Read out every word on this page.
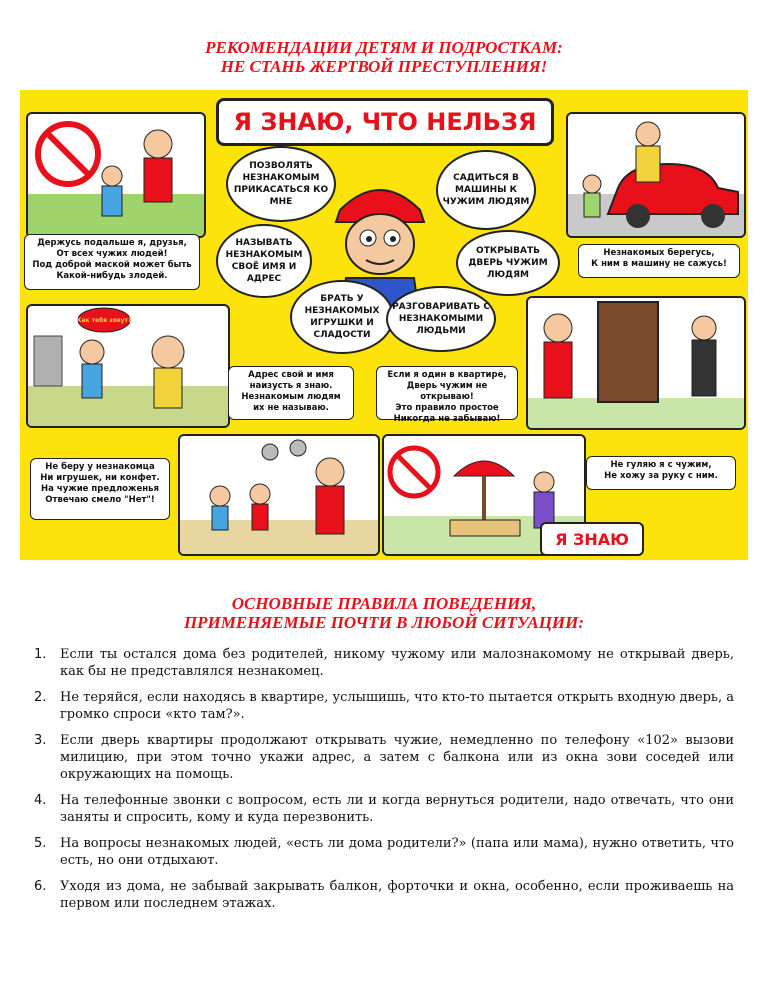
РЕКОМЕНДАЦИИ ДЕТЯМ И ПОДРОСТКАМ:
НЕ СТАНЬ ЖЕРТВОЙ ПРЕСТУПЛЕНИЯ!
Держусь подальше я, друзья,
От всех чужих людей!
Под доброй маской может быть
Какой-нибудь злодей.
Я ЗНАЮ, ЧТО НЕЛЬЗЯ
ПОЗВОЛЯТЬ НЕЗНАКОМЫМ ПРИКАСАТЬСЯ КО МНЕ
САДИТЬСЯ В МАШИНЫ К ЧУЖИМ ЛЮДЯМ
НАЗЫВАТЬ НЕЗНАКОМЫМ СВОЁ ИМЯ И АДРЕС
ОТКРЫВАТЬ ДВЕРЬ ЧУЖИМ ЛЮДЯМ
БРАТЬ У НЕЗНАКОМЫХ ИГРУШКИ И СЛАДОСТИ
РАЗГОВАРИВАТЬ С НЕЗНАКОМЫМИ ЛЮДЬМИ
Незнакомых берегусь,
К ним в машину не сажусь!
Как тебя зовут?
Адрес свой и имя
наизусть я знаю.
Незнакомым людям
их не называю.
Если я один в квартире,
Дверь чужим не открываю!
Это правило простое
Никогда не забываю!
Не беру у незнакомца
Ни игрушек, ни конфет.
На чужие предложенья
Отвечаю смело "Нет"!
Не гуляю я с чужим,
Не хожу за руку с ним.
Я ЗНАЮ
ОСНОВНЫЕ ПРАВИЛА ПОВЕДЕНИЯ,
ПРИМЕНЯЕМЫЕ ПОЧТИ В ЛЮБОЙ СИТУАЦИИ:
1. Если ты остался дома без родителей, никому чужому или малознакомому не открывай дверь, как бы не представлялся незнакомец.
2. Не теряйся, если находясь в квартире, услышишь, что кто-то пытается открыть входную дверь, а громко спроси «кто там?».
3. Если дверь квартиры продолжают открывать чужие, немедленно по телефону «102» вызови милицию, при этом точно укажи адрес, а затем с балкона или из окна зови соседей или окружающих на помощь.
4. На телефонные звонки с вопросом, есть ли и когда вернуться родители, надо отвечать, что они заняты и спросить, кому и куда перезвонить.
5. На вопросы незнакомых людей, «есть ли дома родители?» (папа или мама), нужно ответить, что есть, но они отдыхают.
6. Уходя из дома, не забывай закрывать балкон, форточки и окна, особенно, если проживаешь на первом или последнем этажах.
